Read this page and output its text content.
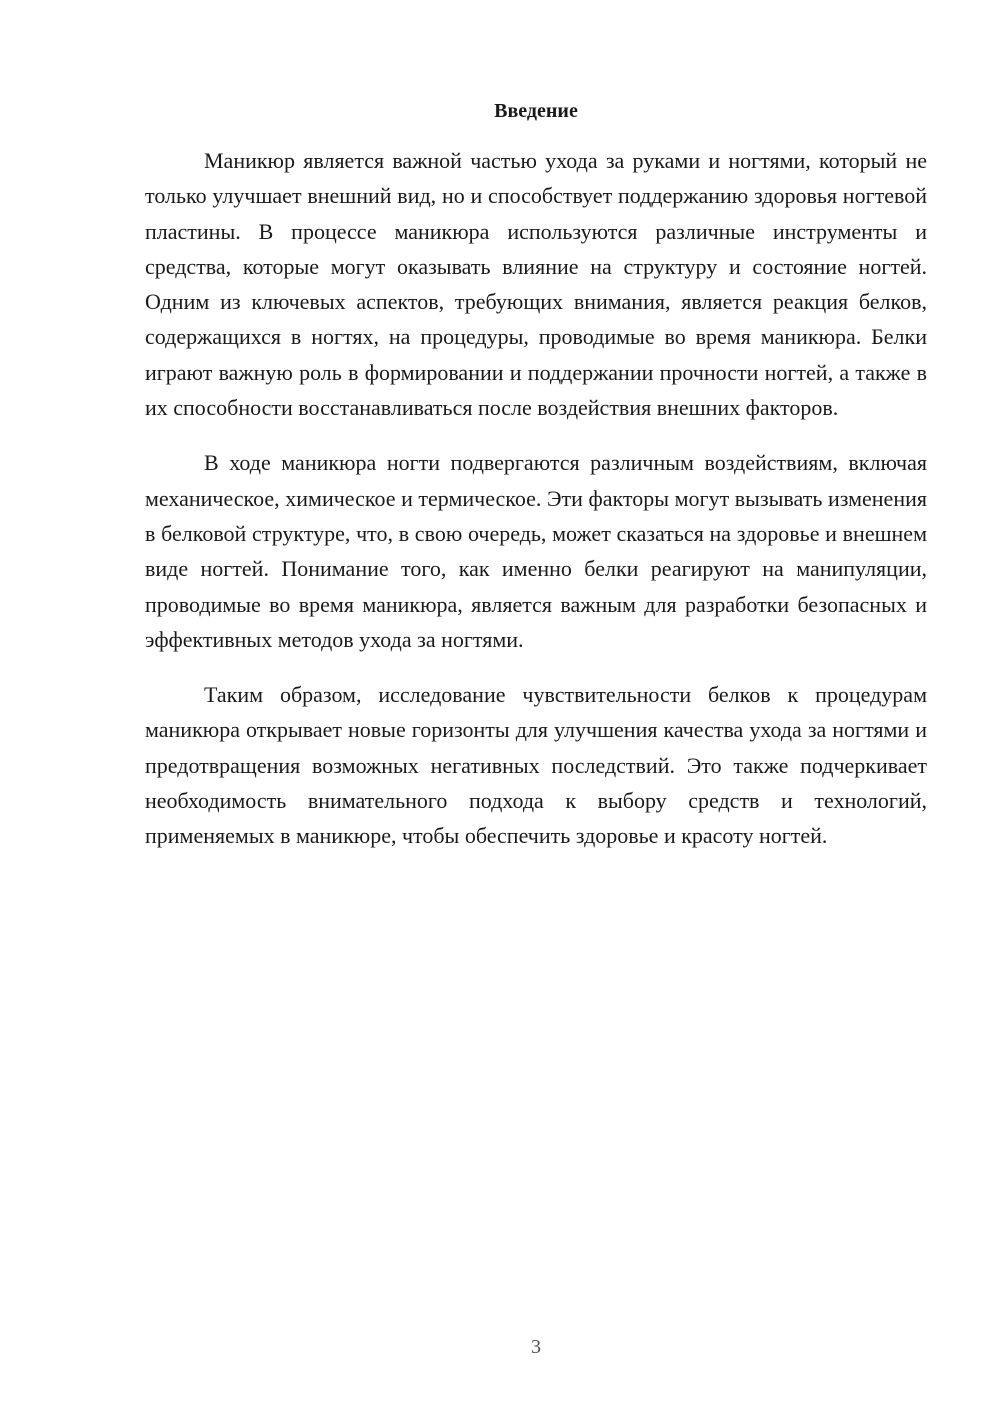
Введение

Маникюр является важной частью ухода за руками и ногтями, который не только улучшает внешний вид, но и способствует поддержанию здоровья ногтевой пластины. В процессе маникюра используются различные инструменты и средства, которые могут оказывать влияние на структуру и состояние ногтей. Одним из ключевых аспектов, требующих внимания, является реакция белков, содержащихся в ногтях, на процедуры, проводимые во время маникюра. Белки играют важную роль в формировании и поддержании прочности ногтей, а также в их способности восстанавливаться после воздействия внешних факторов.

В ходе маникюра ногти подвергаются различным воздействиям, включая механическое, химическое и термическое. Эти факторы могут вызывать изменения в белковой структуре, что, в свою очередь, может сказаться на здоровье и внешнем виде ногтей. Понимание того, как именно белки реагируют на манипуляции, проводимые во время маникюра, является важным для разработки безопасных и эффективных методов ухода за ногтями.

Таким образом, исследование чувствительности белков к процедурам маникюра открывает новые горизонты для улучшения качества ухода за ногтями и предотвращения возможных негативных последствий. Это также подчеркивает необходимость внимательного подхода к выбору средств и технологий, применяемых в маникюре, чтобы обеспечить здоровье и красоту ногтей.

3
